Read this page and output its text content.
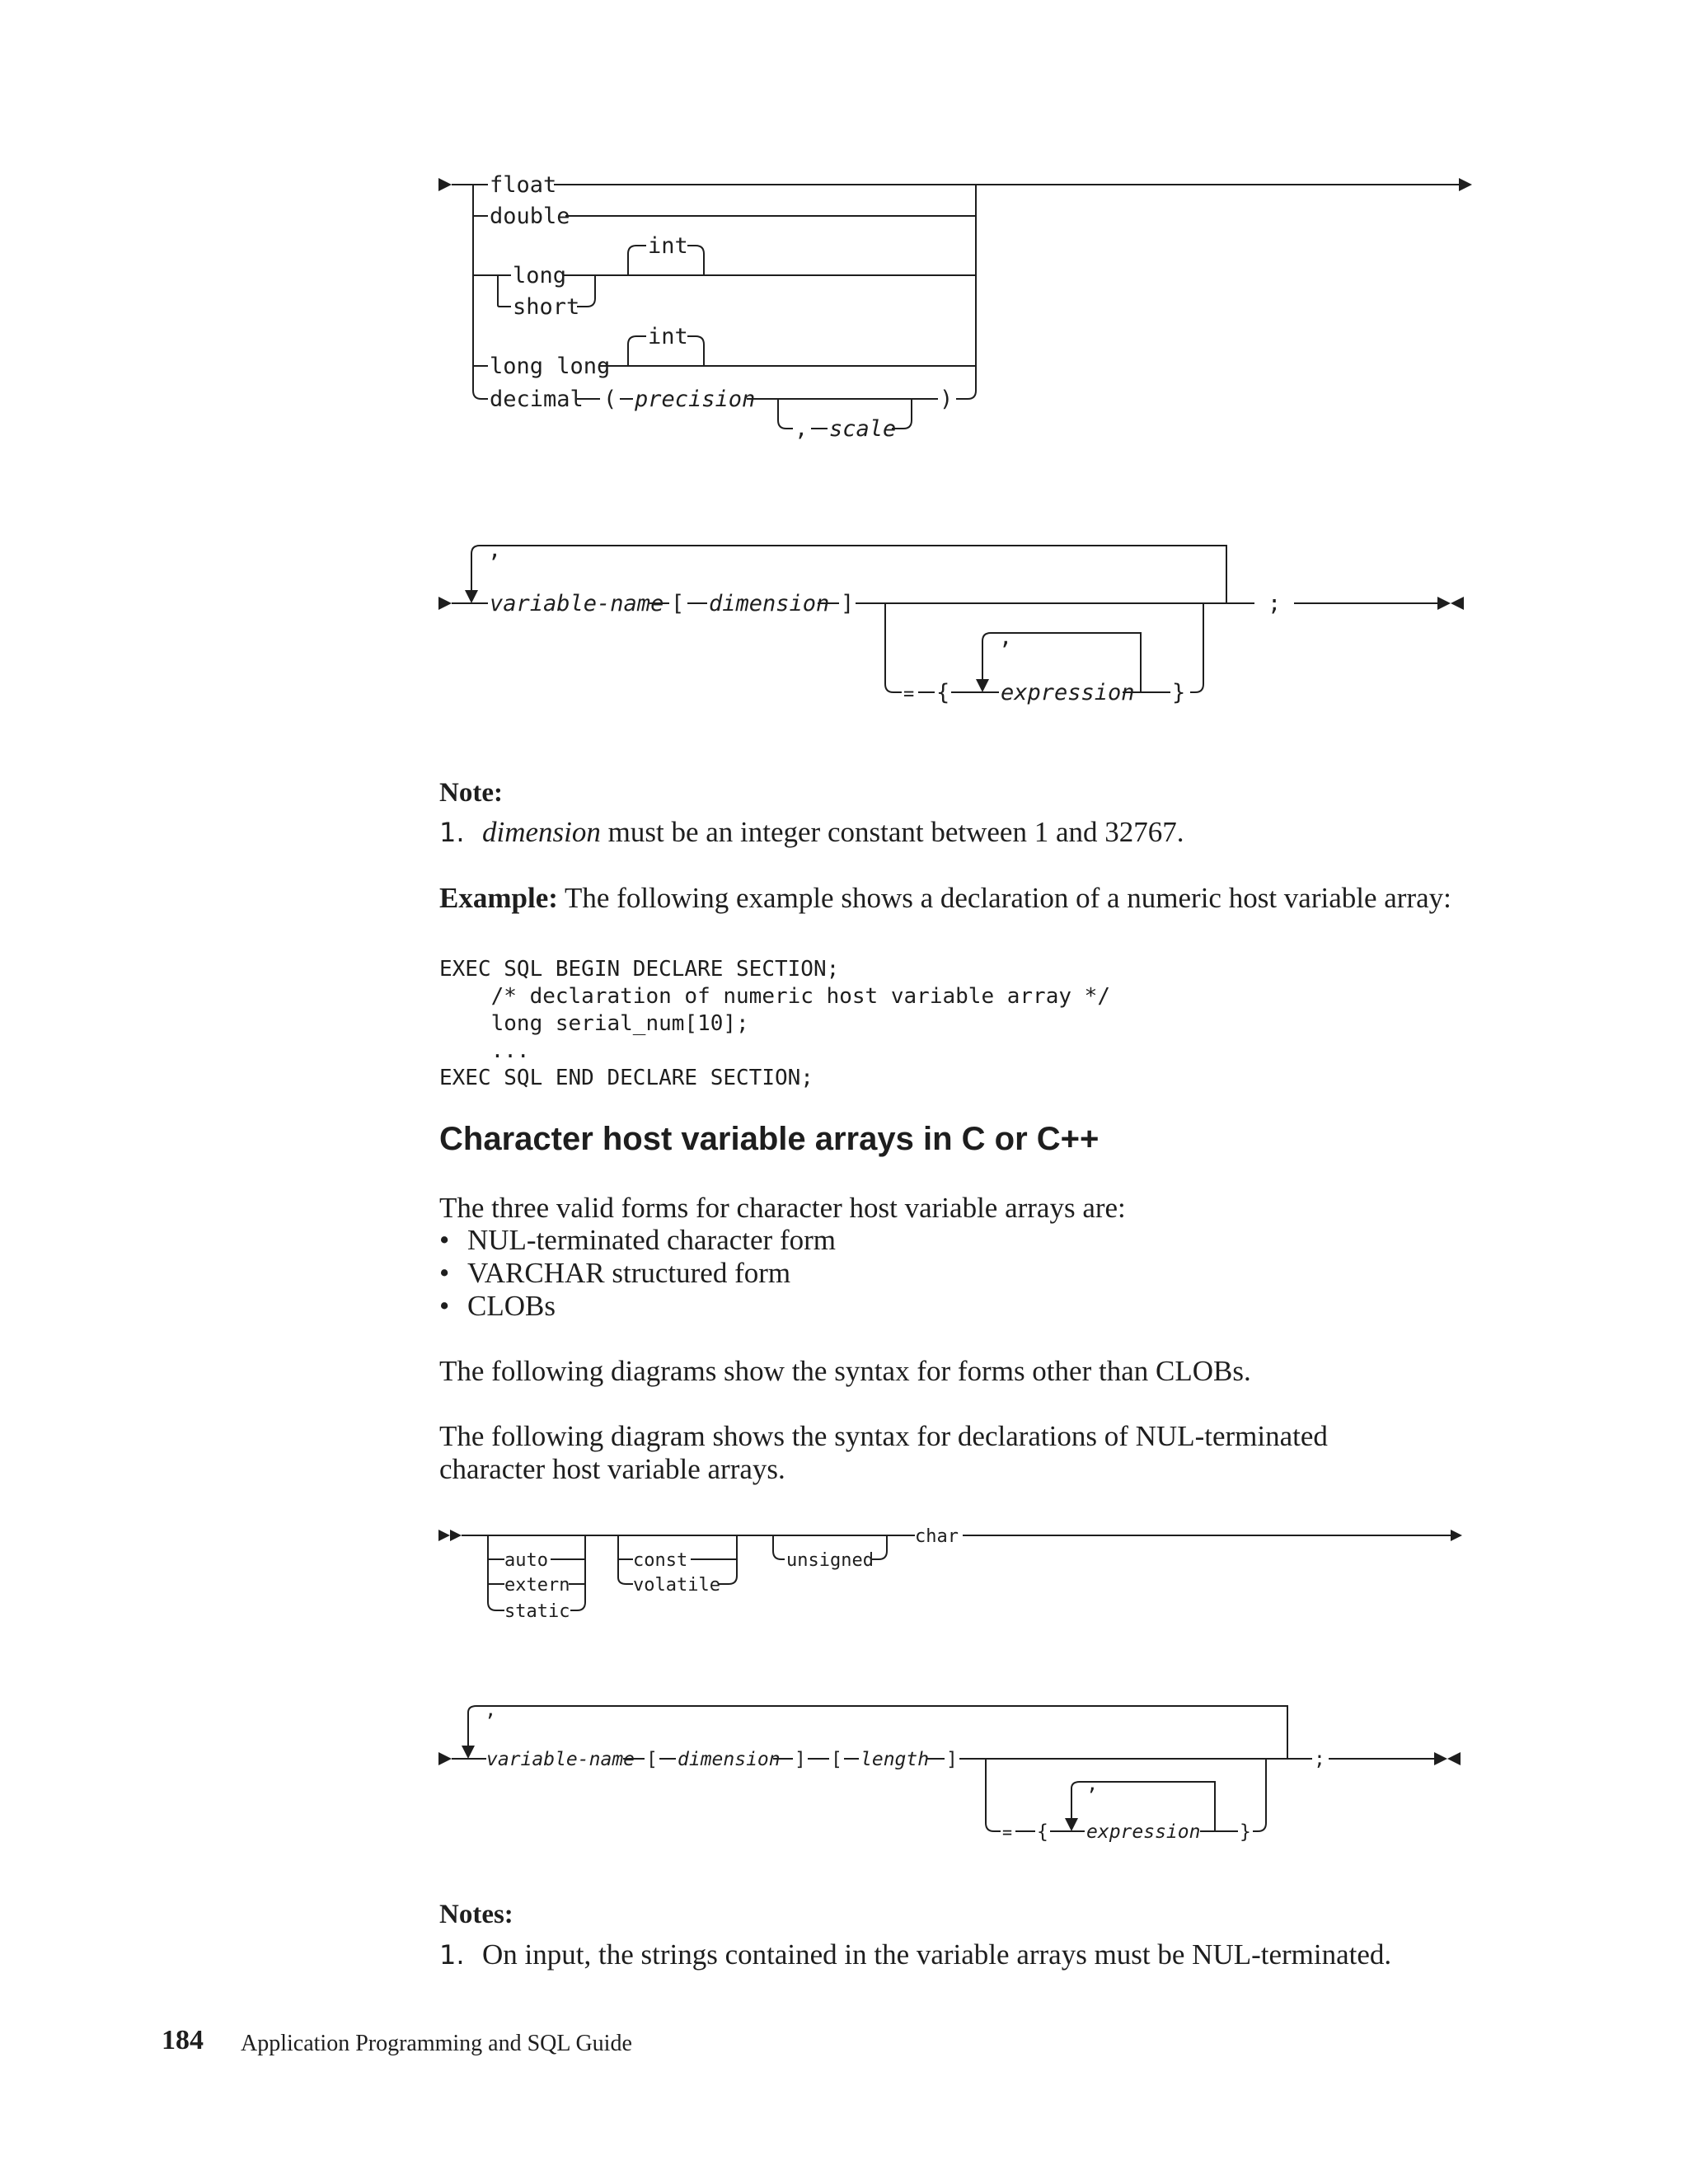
float
double
long
short
int
long long
int
decimal ( precision	)
, scale
,
variable-name [ dimension ]	;
= {
,
expression }
Note:
1. dimension must be an integer constant between 1 and 32767.
Example: The following example shows a declaration of a numeric host variable array:
EXEC SQL BEGIN DECLARE SECTION;
/* declaration of numeric host variable array */
long serial_num[10];
...
EXEC SQL END DECLARE SECTION;
Character host variable arrays in C or C++
The three valid forms for character host variable arrays are:
• NUL-terminated character form
• VARCHAR structured form
• CLOBs
The following diagrams show the syntax for forms other than CLOBs.
The following diagram shows the syntax for declarations of NUL-terminated character host variable arrays.
char
auto
extern
static
const
volatile
unsigned
,
variable-name [ dimension ] [ length ]	;
= {
,
expression }
Notes:
1. On input, the strings contained in the variable arrays must be NUL-terminated.
184 Application Programming and SQL Guide
